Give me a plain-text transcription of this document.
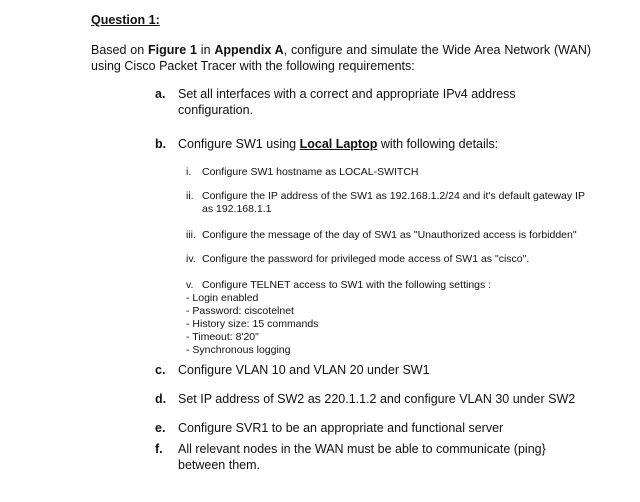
Question 1:

Based on Figure 1 in Appendix A, configure and simulate the Wide Area Network (WAN) using Cisco Packet Tracer with the following requirements:

a.	Set all interfaces with a correct and appropriate IPv4 address configuration.
b. Configure SW1 using Local Laptop with following details:
i.	Configure SW1 hostname as LOCAL-SWITCH
ii. Configure the IP address of the SW1 as 192.168.1.2/24 and it's default gateway IP as 192.168.1.1
iii. Configure the message of the day of SW1 as "Unauthorized access is forbidden"
iv. Configure the password for privileged mode access of SW1 as "cisco".
v. Configure TELNET access to SW1 with the following settings :
- Login enabled
- Password: ciscotelnet
- History size: 15 commands
- Timeout: 8'20"
- Synchronous logging
c.	Configure VLAN 10 and VLAN 20 under SW1
d. Set IP address of SW2 as 220.1.1.2 and configure VLAN 30 under SW2
e.	Configure SVR1 to be an appropriate and functional server
f.	All relevant nodes in the WAN must be able to communicate (ping} between them.
